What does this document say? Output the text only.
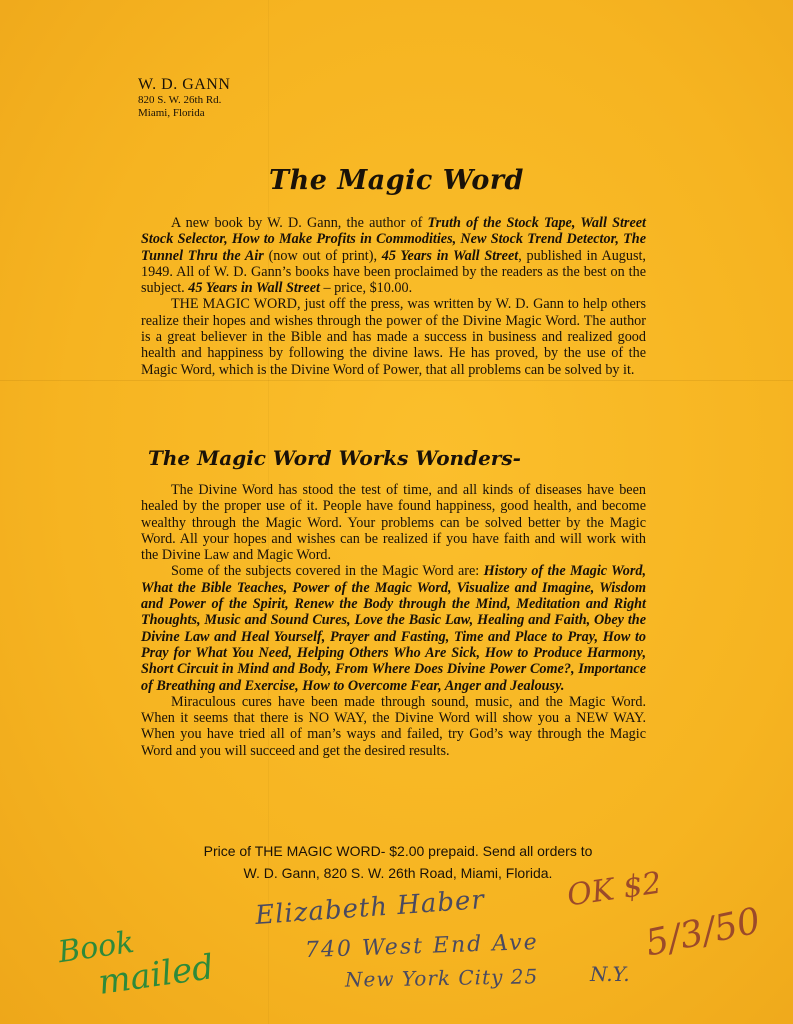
W. D. GANN
820 S. W. 26th Rd.
Miami, Florida
The Magic Word

A new book by W. D. Gann, the author of Truth of the Stock Tape, Wall Street Stock Selector, How to Make Profits in Commodities, New Stock Trend Detector, The Tunnel Thru the Air (now out of print), 45 Years in Wall Street, published in August, 1949. All of W. D. Gann’s books have been proclaimed by the readers as the best on the subject. 45 Years in Wall Street – price, $10.00.

THE MAGIC WORD, just off the press, was written by W. D. Gann to help others realize their hopes and wishes through the power of the Divine Magic Word. The author is a great believer in the Bible and has made a success in business and realized good health and happiness by following the divine laws. He has proved, by the use of the Magic Word, which is the Divine Word of Power, that all problems can be solved by it.

The Magic Word Works Wonders-

The Divine Word has stood the test of time, and all kinds of diseases have been healed by the proper use of it. People have found happiness, good health, and become wealthy through the Magic Word. Your problems can be solved better by the Magic Word. All your hopes and wishes can be realized if you have faith and will work with the Divine Law and Magic Word.

Some of the subjects covered in the Magic Word are: History of the Magic Word, What the Bible Teaches, Power of the Magic Word, Visualize and Imagine, Wisdom and Power of the Spirit, Renew the Body through the Mind, Meditation and Right Thoughts, Music and Sound Cures, Love the Basic Law, Healing and Faith, Obey the Divine Law and Heal Yourself, Prayer and Fasting, Time and Place to Pray, How to Pray for What You Need, Helping Others Who Are Sick, How to Produce Harmony, Short Circuit in Mind and Body, From Where Does Divine Power Come?, Importance of Breathing and Exercise, How to Overcome Fear, Anger and Jealousy.

Miraculous cures have been made through sound, music, and the Magic Word. When it seems that there is NO WAY, the Divine Word will show you a NEW WAY. When you have tried all of man’s ways and failed, try God’s way through the Magic Word and you will succeed and get the desired results.

Price of THE MAGIC WORD- $2.00 prepaid. Send all orders to
W. D. Gann, 820 S. W. 26th Road, Miami, Florida.
Elizabeth Haber
740 West End Ave
New York City 25	N.Y.
OK $2
5/3/50
Book
mailed
